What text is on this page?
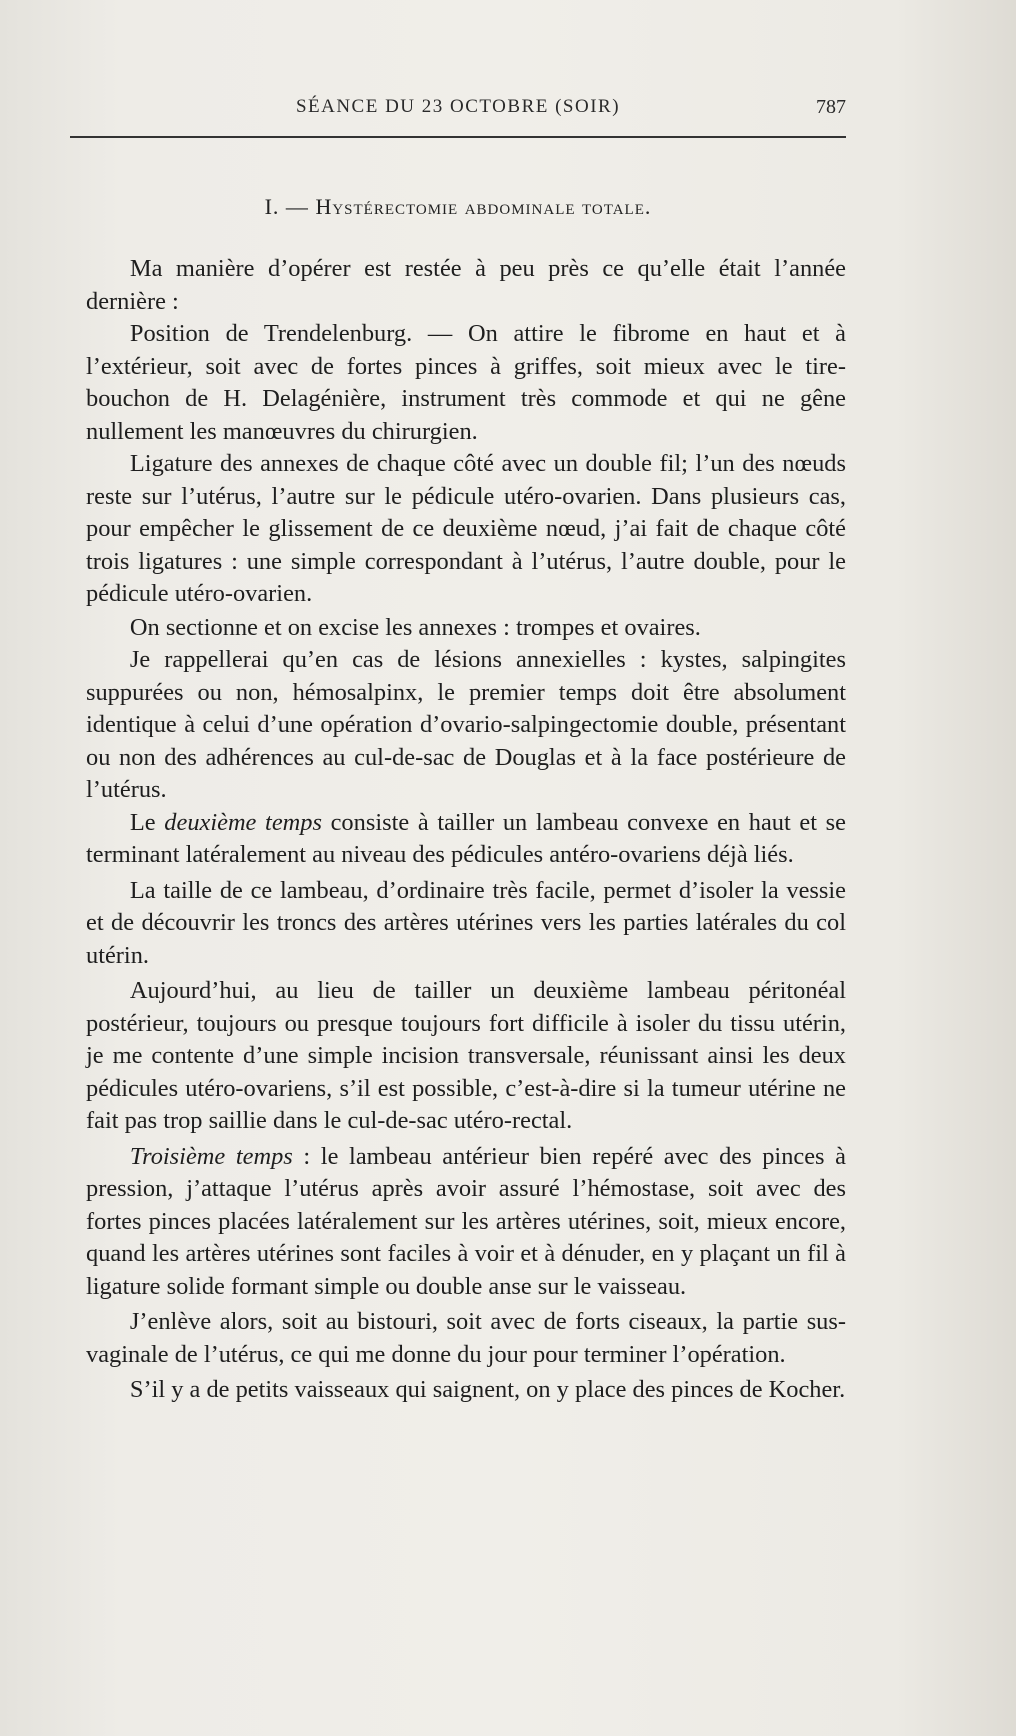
SÉANCE DU 23 OCTOBRE (SOIR)	787
I. — Hystérectomie abdominale totale.

Ma manière d’opérer est restée à peu près ce qu’elle était l’année dernière :

Position de Trendelenburg. — On attire le fibrome en haut et à l’extérieur, soit avec de fortes pinces à griffes, soit mieux avec le tire-bouchon de H. Delagénière, instrument très commode et qui ne gêne nullement les manœuvres du chirurgien.

Ligature des annexes de chaque côté avec un double fil; l’un des nœuds reste sur l’utérus, l’autre sur le pédicule utéro-ovarien. Dans plusieurs cas, pour empêcher le glissement de ce deuxième nœud, j’ai fait de chaque côté trois ligatures : une simple correspondant à l’utérus, l’autre double, pour le pédicule utéro-ovarien.

On sectionne et on excise les annexes : trompes et ovaires.

Je rappellerai qu’en cas de lésions annexielles : kystes, salpingites suppurées ou non, hémosalpinx, le premier temps doit être absolument identique à celui d’une opération d’ovario-salpingectomie double, présentant ou non des adhérences au cul-de-sac de Douglas et à la face postérieure de l’utérus.

Le deuxième temps consiste à tailler un lambeau convexe en haut et se terminant latéralement au niveau des pédicules antéro-ovariens déjà liés.

La taille de ce lambeau, d’ordinaire très facile, permet d’isoler la vessie et de découvrir les troncs des artères utérines vers les parties latérales du col utérin.

Aujourd’hui, au lieu de tailler un deuxième lambeau péritonéal postérieur, toujours ou presque toujours fort difficile à isoler du tissu utérin, je me contente d’une simple incision transversale, réunissant ainsi les deux pédicules utéro-ovariens, s’il est possible, c’est-à-dire si la tumeur utérine ne fait pas trop saillie dans le cul-de-sac utéro-rectal.

Troisième temps : le lambeau antérieur bien repéré avec des pinces à pression, j’attaque l’utérus après avoir assuré l’hémostase, soit avec des fortes pinces placées latéralement sur les artères utérines, soit, mieux encore, quand les artères utérines sont faciles à voir et à dénuder, en y plaçant un fil à ligature solide formant simple ou double anse sur le vaisseau.

J’enlève alors, soit au bistouri, soit avec de forts ciseaux, la partie sus-vaginale de l’utérus, ce qui me donne du jour pour terminer l’opération.

S’il y a de petits vaisseaux qui saignent, on y place des pinces de Kocher.
